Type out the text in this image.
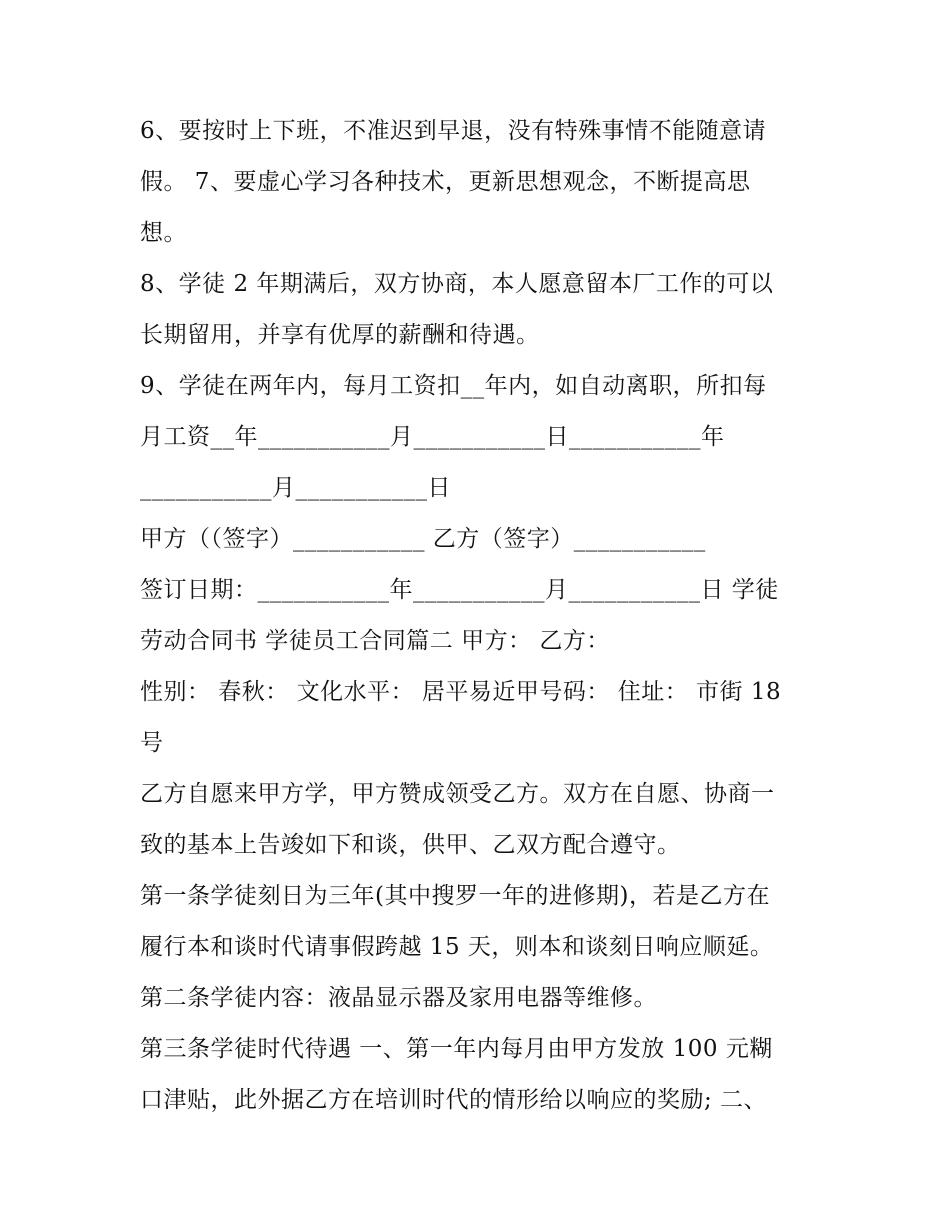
6、要按时上下班，不准迟到早退，没有特殊事情不能随意请
假。 7、要虚心学习各种技术，更新思想观念，不断提高思
想。
8、学徒 2 年期满后，双方协商，本人愿意留本厂工作的可以
长期留用，并享有优厚的薪酬和待遇。
9、学徒在两年内，每月工资扣__年内，如自动离职，所扣每
月工资__年___________月___________日___________年
___________月___________日
甲方（（签字）___________ 乙方（签字）___________
签订日期：___________年___________月___________日 学徒
劳动合同书 学徒员工合同篇二 甲方： 乙方：
性别： 春秋： 文化水平： 居平易近甲号码： 住址： 市街 18
号
乙方自愿来甲方学，甲方赞成领受乙方。双方在自愿、协商一
致的基本上告竣如下和谈，供甲、乙双方配合遵守。
第一条学徒刻日为三年(其中搜罗一年的进修期)，若是乙方在
履行本和谈时代请事假跨越 15 天，则本和谈刻日响应顺延。
第二条学徒内容：液晶显示器及家用电器等维修。
第三条学徒时代待遇 一、第一年内每月由甲方发放 100 元糊
口津贴，此外据乙方在培训时代的情形给以响应的奖励; 二、
